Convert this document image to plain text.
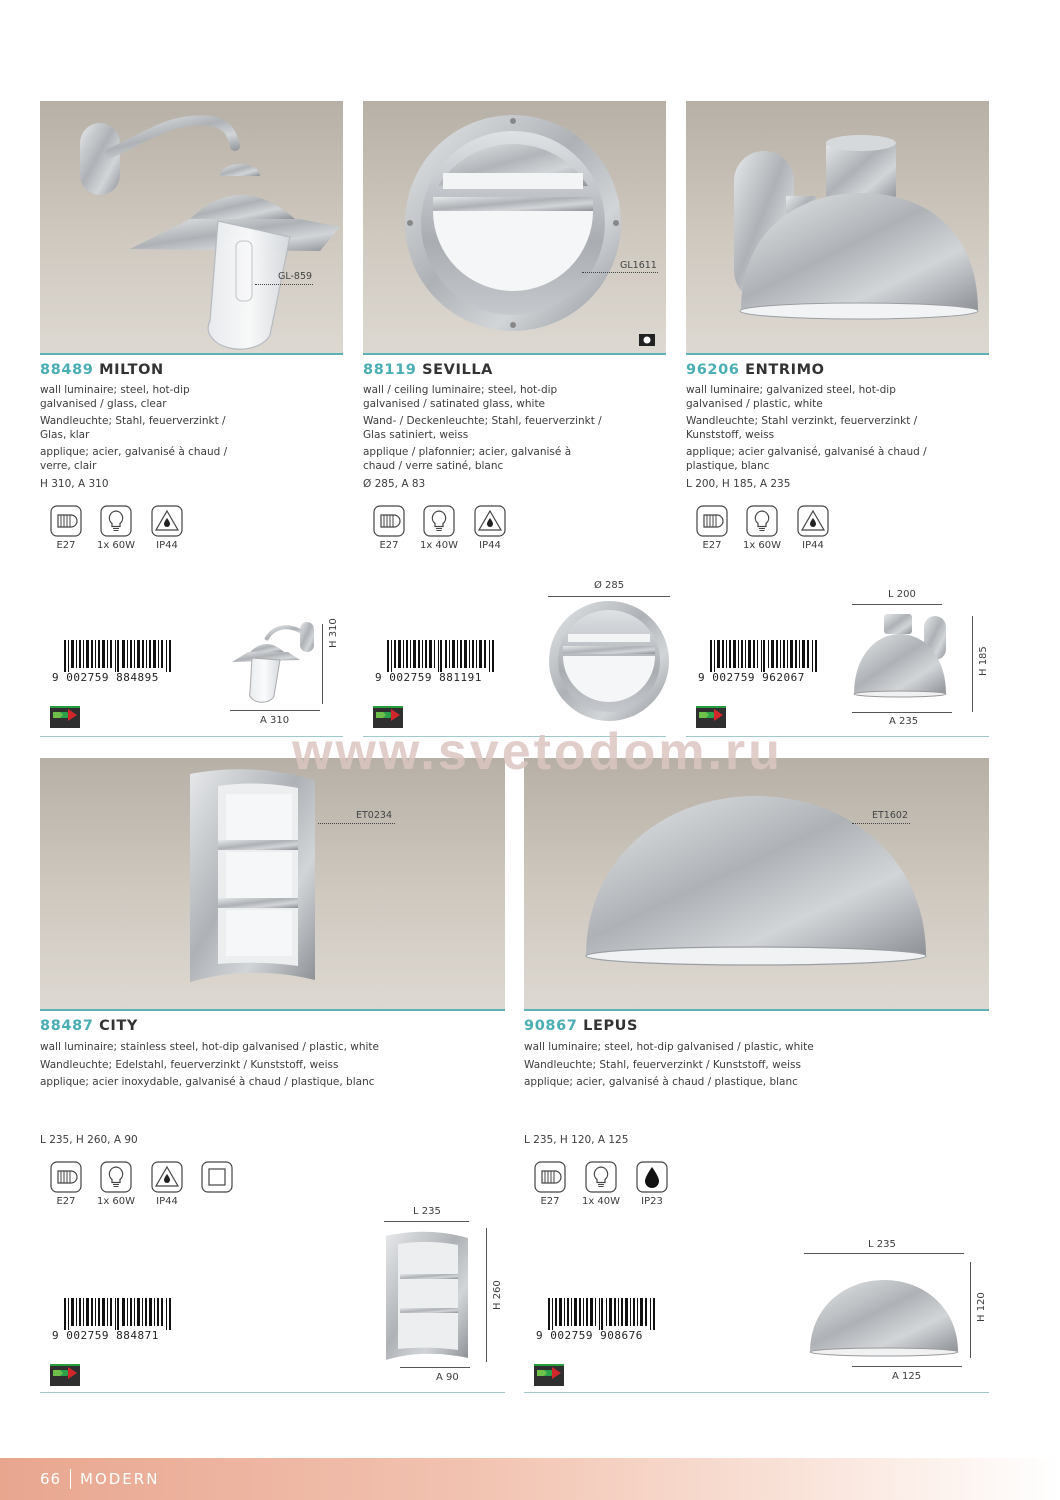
GL-859
GL1611
88489 MILTON

wall luminaire; steel, hot-dip galvanised / glass, clear

Wandleuchte; Stahl, feuerverzinkt / Glas, klar

applique; acier, galvanisé à chaud / verre, clair

H 310, A 310
88119 SEVILLA

wall / ceiling luminaire; steel, hot-dip galvanised / satinated glass, white

Wand- / Deckenleuchte; Stahl, feuerverzinkt / Glas satiniert, weiss

applique / plafonnier; acier, galvanisé à chaud / verre satiné, blanc

Ø 285, A 83
96206 ENTRIMO

wall luminaire; galvanized steel, hot-dip galvanised / plastic, white

Wandleuchte; Stahl verzinkt, feuerverzinkt / Kunststoff, weiss

applique; acier galvanisé, galvanisé à chaud / plastique, blanc

L 200, H 185, A 235
E27	1x 60W	IP44	E27	1x 40W	IP44	E27	1x 60W	IP44
9 002759 884895	9 002759 881191	9 002759 962067
H 310
A 310
Ø 285
L 200
H 185
A 235
ET0234	ET1602
www.svetodom.ru
88487 CITY

wall luminaire; stainless steel, hot-dip galvanised / plastic, white

Wandleuchte; Edelstahl, feuerverzinkt / Kunststoff, weiss

applique; acier inoxydable, galvanisé à chaud / plastique, blanc

L 235, H 260, A 90
90867 LEPUS

wall luminaire; steel, hot-dip galvanised / plastic, white

Wandleuchte; Stahl, feuerverzinkt / Kunststoff, weiss

applique; acier, galvanisé à chaud / plastique, blanc

L 235, H 120, A 125
E27	1x 60W	IP44	E27	1x 40W	IP23
9 002759 884871	9 002759 908676
L 235
H 260
A 90
L 235
H 120
A 125
66 MODERN
